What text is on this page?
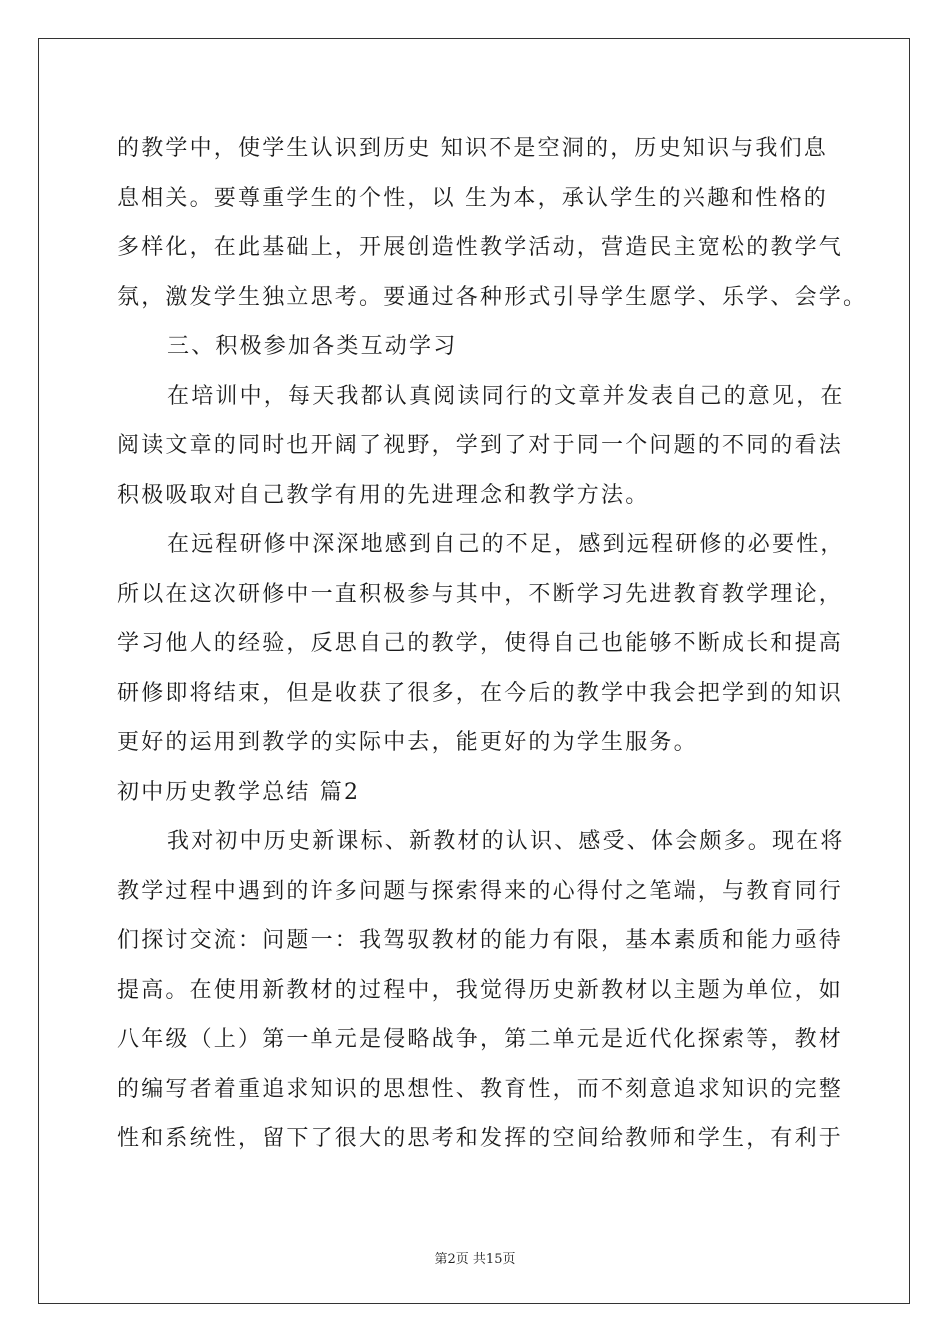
的教学中，使学生认识到历史 知识不是空洞的，历史知识与我们息
息相关。要尊重学生的个性，以 生为本，承认学生的兴趣和性格的
多样化，在此基础上，开展创造性教学活动，营造民主宽松的教学气
氛，激发学生独立思考。要通过各种形式引导学生愿学、乐学、会学。
三、积极参加各类互动学习
在培训中，每天我都认真阅读同行的文章并发表自己的意见，在
阅读文章的同时也开阔了视野，学到了对于同一个问题的不同的看法
积极吸取对自己教学有用的先进理念和教学方法。
在远程研修中深深地感到自己的不足，感到远程研修的必要性，
所以在这次研修中一直积极参与其中，不断学习先进教育教学理论，
学习他人的经验，反思自己的教学，使得自己也能够不断成长和提高
研修即将结束，但是收获了很多，在今后的教学中我会把学到的知识
更好的运用到教学的实际中去，能更好的为学生服务。
初中历史教学总结 篇2
我对初中历史新课标、新教材的认识、感受、体会颇多。现在将
教学过程中遇到的许多问题与探索得来的心得付之笔端，与教育同行
们探讨交流：问题一：我驾驭教材的能力有限，基本素质和能力亟待
提高。在使用新教材的过程中，我觉得历史新教材以主题为单位，如
八年级（上）第一单元是侵略战争，第二单元是近代化探索等，教材
的编写者着重追求知识的思想性、教育性，而不刻意追求知识的完整
性和系统性，留下了很大的思考和发挥的空间给教师和学生，有利于
第2页 共15页
